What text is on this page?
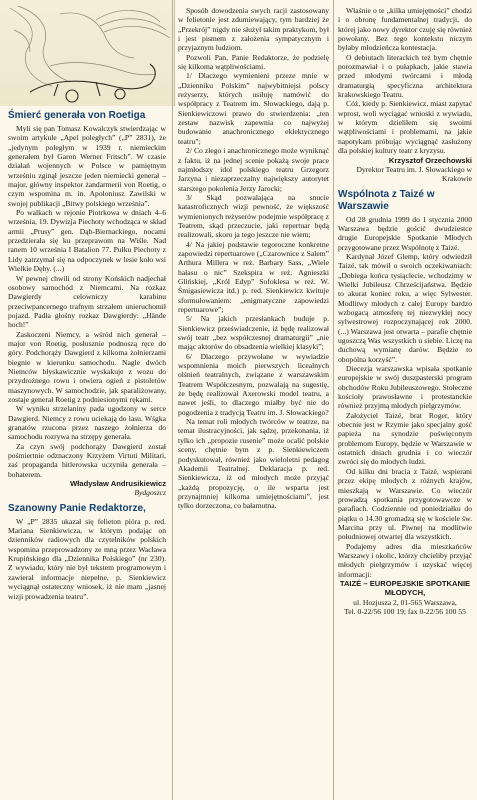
Śmierć generała von Roetiga

Myli się pan Tomasz Kowalczyk stwierdzając w swoim artykule „Apel poległych” („P” 2831), że „jedynym poległym w 1939 r. niemieckim generałem był Garon Werner Fritsch”. W czasie działań wojennych w Polsce w pamiętnym wrześniu zginął jeszcze jeden niemiecki generał – major, główny inspektor żandarmerii von Roetig, o czym wspomina m. in. Apoloniusz Zawilski w swojej publikacji „Bitwy polskiego września”.

Po walkach w rejonie Piotrkowa w dniach 4–6 września, 19. Dywizja Piechoty wchodząca w skład armii „Prusy” gen. Dąb-Biernackiego, nocami przedzierała się ku przeprawom na Wiśle. Nad ranem 10 września I Batalion 77. Pułku Piechoty z Lidy zatrzymał się na odpoczynek w lesie koło wsi Wielkie Dęby. (...)

W pewnej chwili od strony Końskich nadjechał osobowy samochód z Niemcami. Na rozkaz Dawgierdy celowniczy karabinu przeciwpancernego trafnym strzałem unieruchomił pojazd. Padła głośny rozkaz Dawgierdy: „Hände hoch!”

Zaskoczeni Niemcy, a wśród nich generał – major von Roetig, posłusznie podnoszą ręce do góry. Podchorąży Dawgierd z kilkoma żołnierzami biegnie w kierunku samochodu. Nagle dwóch Niemców błyskawicznie wyskakuje z wozu do przydrożnego rowu i otwiera ogień z pistoletów maszynowych. W samochodzie, jak sparaliżowany, zostaje generał Roetig z podniesionymi rękami.

W wyniku strzelaniny pada ugodzony w serce Dawgierd. Niemcy z rowu uciekają do lasu. Wśgka granatów rzucona przez naszego żołnierza do samochodu rozrywa na strzępy generała.

Za czyn swój podchorąży Dawgierd został pośmiertnie odznaczony Krzyżem Virtuti Militari, zaś propaganda hitlerowska uczyniła generała – bohaterem.

Władysław Andrusikiewicz

Bydgoszcz

Szanowny Panie Redaktorze,

W „P” 2835 ukazał się felieton pióra p. red. Mariana Sienkiewicza, w którym podając on dzienników radiowych dla czytelników polskich wspomina przeprowadzony ze mną przez Wacława Krupińskiego dla „Dziennika Polskiego” (nr 230). Z wywiadu, który nie był tekstem programowym i zawierał informacje niepełne, p. Sienkiewicz wyciągnął ostateczny wniosek, iż nie mam „jasnej wizji prowadzenia teatru”.

Sposób dowodzenia swych racji zastosowany w felietonie jest zdumiewający, tym bardziej że „Przekrój” nigdy nie służył takim praktykom, był i jest pismem z założenia sympatycznym i przyjaznym ludziom.

Pozwoli Pan, Panie Redaktorze, że podzielę się kilkoma wątpliwościami.

1/ Dlaczego wymienieni przeze mnie w „Dzienniku Polskim” najwybitniejsi polscy reżyserzy, których usiłuję namówić do współpracy z Teatrem im. Słowackiego, dają p. Sienkiewiczowi prawo do stwierdzenia: „ten zestaw nazwisk zapewnia co najwyżej budowanie anachronicznego eklektycznego teatru”;

2/ Co złego i anachronicznego może wyniknąć z faktu, iż na jednej scenie pokażą swoje prace najmłodszy idol polskiego teatru Grzegorz Jarzyna i niezaprzeczalny największy autorytet starszego pokolenia Jerzy Jarocki;

3/ Skąd pozwalająca na snucie katastroficznych wizji pewność, że większość wymienionych reżyserów podejmie współpracę z Teatrem, skąd przeczucie, jaki repertuar będą realizowali, skoro ja tego jeszcze nie wiem;

4/ Na jakiej podstawie tegoroczne konkretne zapowiedzi repertuarowe („Czarownice z Salem” Arthura Millera w reż. Barbary Sass, „Wiele hałasu o nic” Szekspira w reż. Agnieszki Glińskiej, „Król Edyp” Sofoklesa w reż. W. Śmigasiewicza itd.) p. red. Sienkiewicz kwituje sformułowaniem: „enigmatyczne zapowiedzi repertuarowe”;

5/ Na jakich przesłankach buduje p. Sienkiewicz przeświadczenie, iż będę realizował swój teatr „bez współczesnej dramaturgii” „nie mając aktorów do obsadzenia wielkiej klasyki”;

6/ Dlaczego przywołane w wywiadzie wspomnienia moich pierwszych licealnych olśnień teatralnych, związane z warszawskim Teatrem Współczesnym, pozwalają na sugestię, że będę realizował Axerowski model teatru, a nawet jeśli, to dlaczego miałby być nie do pogodzenia z tradycją Teatru im. J. Słowackiego?

Na temat roli młodych twórców w teatrze, na temat ilustracyjności, jak sądzę, przekonania, iż tylko ich „propozie rusenie” może ocalić polskie sceny, chętnie bym z p. Sienkiewiczem podyskutował, również jako wieloletni pedagog Akademii Teatralnej. Deklaracja p. red. Sienkiewicza, iż od młodych może przyjąć „każdą propozycję, o ile wsparta jest przynajmniej kilkoma umiejętnościami”, jest tylko dorzeczona, co bałamutna.

Właśnie o te „kilka umiejętności” chodzi i o obronę fundamentalnej tradycji, do której jako nowy dyrektor czuję się również powołany. Bez tego kontekstu niczym byłaby młodzieńcza kontestacja.

O debiutach literackich też bym chętnie porozmawiał i o pułapkach, jakie stawia przed młodymi twórcami i młodą dramaturgią specyficzna architektura krakowskiego Teatru.

Cóż, kiedy p. Sienkiewicz, miast zapytać wprost, woli wyciągać wnioski z wywiadu, w którym dzieliłem się swoimi wątpliwościami i problemami, na jakie napotykam próbując wyciągnąć zasłużony dla polskiej kultury teatr z kryzysu.

Krzysztof Orzechowski

Dyrektor Teatru im. J. Słowackiego w Krakowie

Wspólnota z Taizé w Warszawie

Od 28 grudnia 1999 do 1 stycznia 2000 Warszawa będzie gościć dwudziestce drugie Europejskie Spotkanie Młodych przygotowane przez Wspólnotę z Taizé.

Kardynał Józef Glemp, który odwiedził Taizé, tak mówił o swoich oczekiwaniach: „Dobiega końca tysiąclecie, wchodzimy w Wielki Jubileusz Chrześcijaństwa. Będzie to akurat koniec roku, a więc Sylwester. Modlitwy młodych z całej Europy bardzo wzbogacą atmosferę tej niezwykłej nocy sylwestrowej rozpoczynającej rok 2000. (...) Warszawa jest otwarta – parafie chętnie ugoszczą Was wszystkich u siebie. Liczę na duchową wymianę darów. Będzie to obopólna korzyść”.

Diecezja warszawska wpisała spotkanie europejskie w swój duszpasterski program obchodów Roku Jubileuszowego. Stołeczne kościoły prawosławne i protestanckie również przyjmą młodych pielgrzymów.

Założyciel Taizé, brat Roger, który obecnie jest w Rzymie jako specjalny gość papieża na synodzie poświęconym problemom Europy, będzie w Warszawie w ostatnich dniach grudnia i co wieczór zwróci się do młodych ludzi.

Od kilku dni bracia z Taizé, wspierani przez ekipę młodych z różnych krajów, mieszkają w Warszawie. Co wieczór prowadzą spotkania przygotowawcze w parafiach. Codziennie od poniedziałku do piątku o 14.30 gromadzą się w kościele św. Marcina przy ul. Piwnej na modlitwie południowej otwartej dla wszystkich.

Podajemy adres dla mieszkańców Warszawy i okolic, którzy chcieliby przyjąć młodych pielgrzymów i uzyskać więcej informacji:

TAIZÉ – EUROPEJSKIE SPOTKANIE MŁODYCH,
ul. Hozjusza 2, 01-565 Warszawa,
Tel. 0-22/56 100 19; fax 0-22/56 100 55
